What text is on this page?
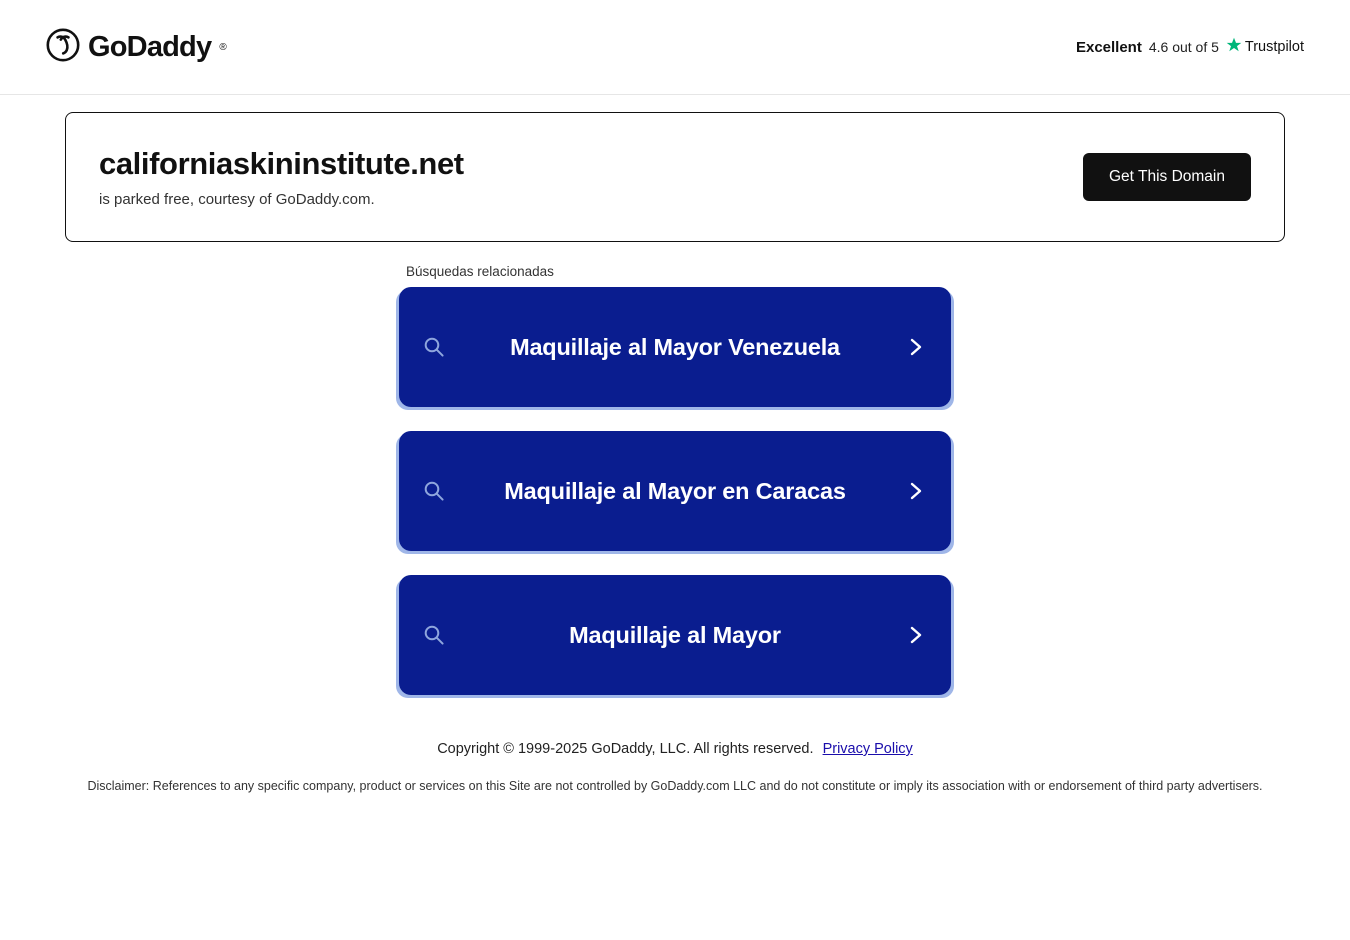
GoDaddy ®	Excellent 4.6 out of 5 Trustpilot
californiaskininstitute.net

is parked free, courtesy of GoDaddy.com.

Get This Domain
Búsquedas relacionadas
Maquillaje al Mayor Venezuela
Maquillaje al Mayor en Caracas
Maquillaje al Mayor
Copyright © 1999-2025 GoDaddy, LLC. All rights reserved. Privacy Policy
Disclaimer: References to any specific company, product or services on this Site are not controlled by GoDaddy.com LLC and do not constitute or imply its association with or endorsement of third party advertisers.
